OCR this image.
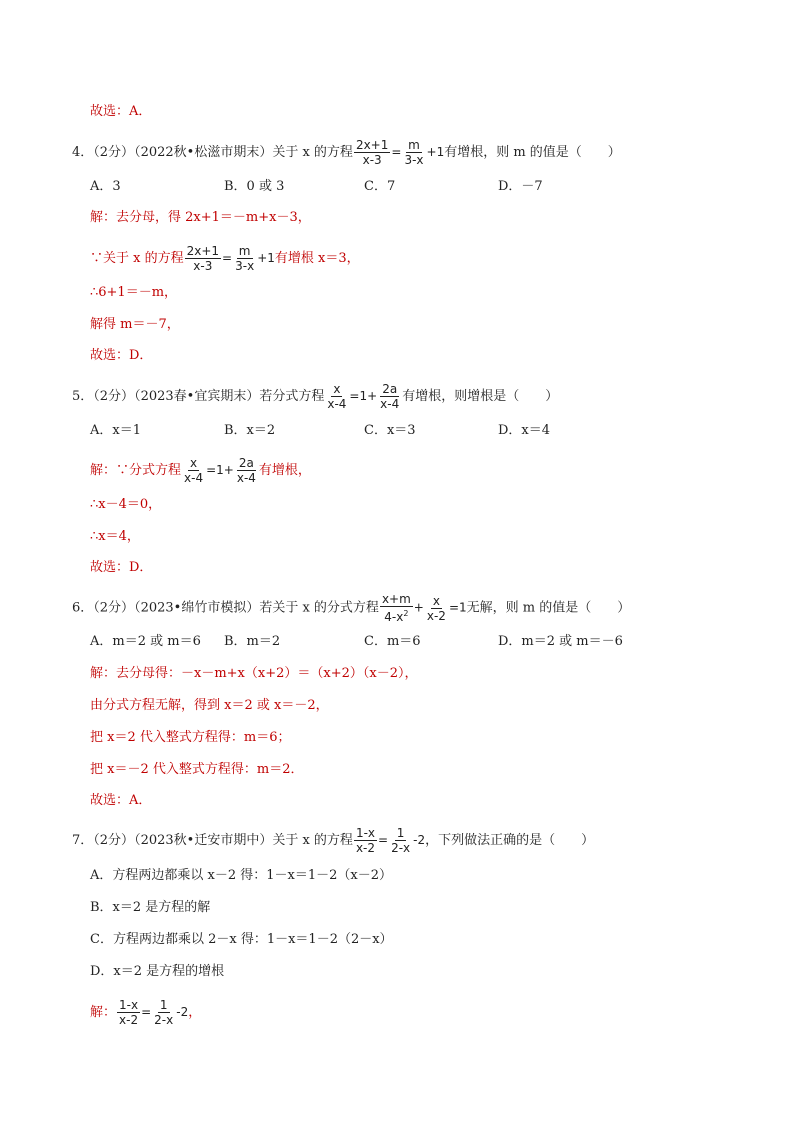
故选：A．
4．（2分）（2022秋•松滋市期末）关于 x 的方程 $\frac{2x+1}{x-3} = \frac{m}{3-x} +1$有增根，则 m 的值是（　　）
A．3	B．0 或 3	C．7	D．－7
解：去分母，得 2x+1＝－m+x－3，
∵关于 x 的方程 $\frac{2x+1}{x-3} = \frac{m}{3-x} +1$有增根 x＝3，
∴6+1＝－m，
解得 m＝－7，
故选：D．
5．（2分）（2023春•宜宾期末）若分式方程 $\frac{x}{x-4} =1+ \frac{2a}{x-4}$ 有增根，则增根是（　　）
A．x＝1	B．x＝2	C．x＝3	D．x＝4
解：∵分式方程 $\frac{x}{x-4} =1+ \frac{2a}{x-4}$ 有增根，
∴x－4＝0，
∴x＝4，
故选：D．
6．（2分）（2023•绵竹市模拟）若关于 x 的分式方程 $\frac{x+m}{4-x^2} + \frac{x}{x-2} =1$无解，则 m 的值是（　　）
A．m＝2 或 m＝6 B．m＝2	C．m＝6	D．m＝2 或 m＝－6
解：去分母得：－x－m+x（x+2）＝（x+2）（x－2），
由分式方程无解，得到 x＝2 或 x＝－2，
把 x＝2 代入整式方程得：m＝6；
把 x＝－2 代入整式方程得：m＝2．
故选：A．
7．（2分）（2023秋•迁安市期中）关于 x 的方程 $\frac{1-x}{x-2} = \frac{1}{2-x} -2$，下列做法正确的是（　　）
A．方程两边都乘以 x－2 得：1－x＝1－2（x－2）
B．x＝2 是方程的解
C．方程两边都乘以 2－x 得：1－x＝1－2（2－x）
D．x＝2 是方程的增根
解： $\frac{1-x}{x-2} = \frac{1}{2-x} -2$，
